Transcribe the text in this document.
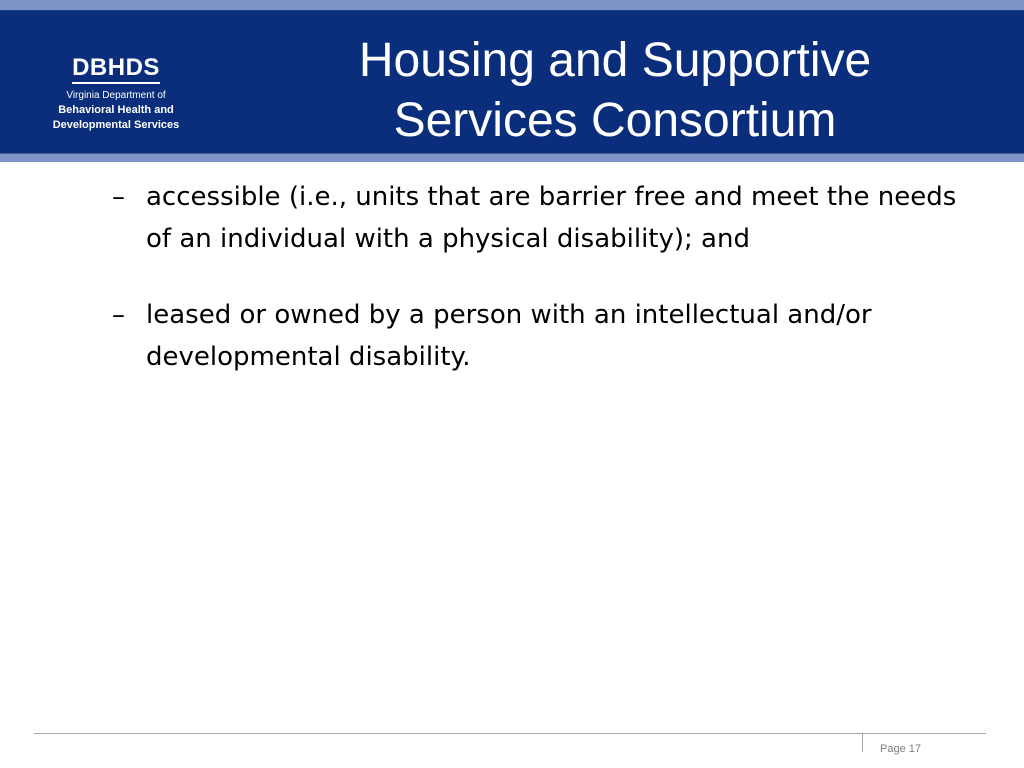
DBHDS
Virginia Department of
Behavioral Health and
Developmental Services
Housing and Supportive
Services Consortium
– accessible (i.e., units that are barrier free and meet the needs of an individual with a physical disability); and
– leased or owned by a person with an intellectual and/or developmental disability.
Page 17
